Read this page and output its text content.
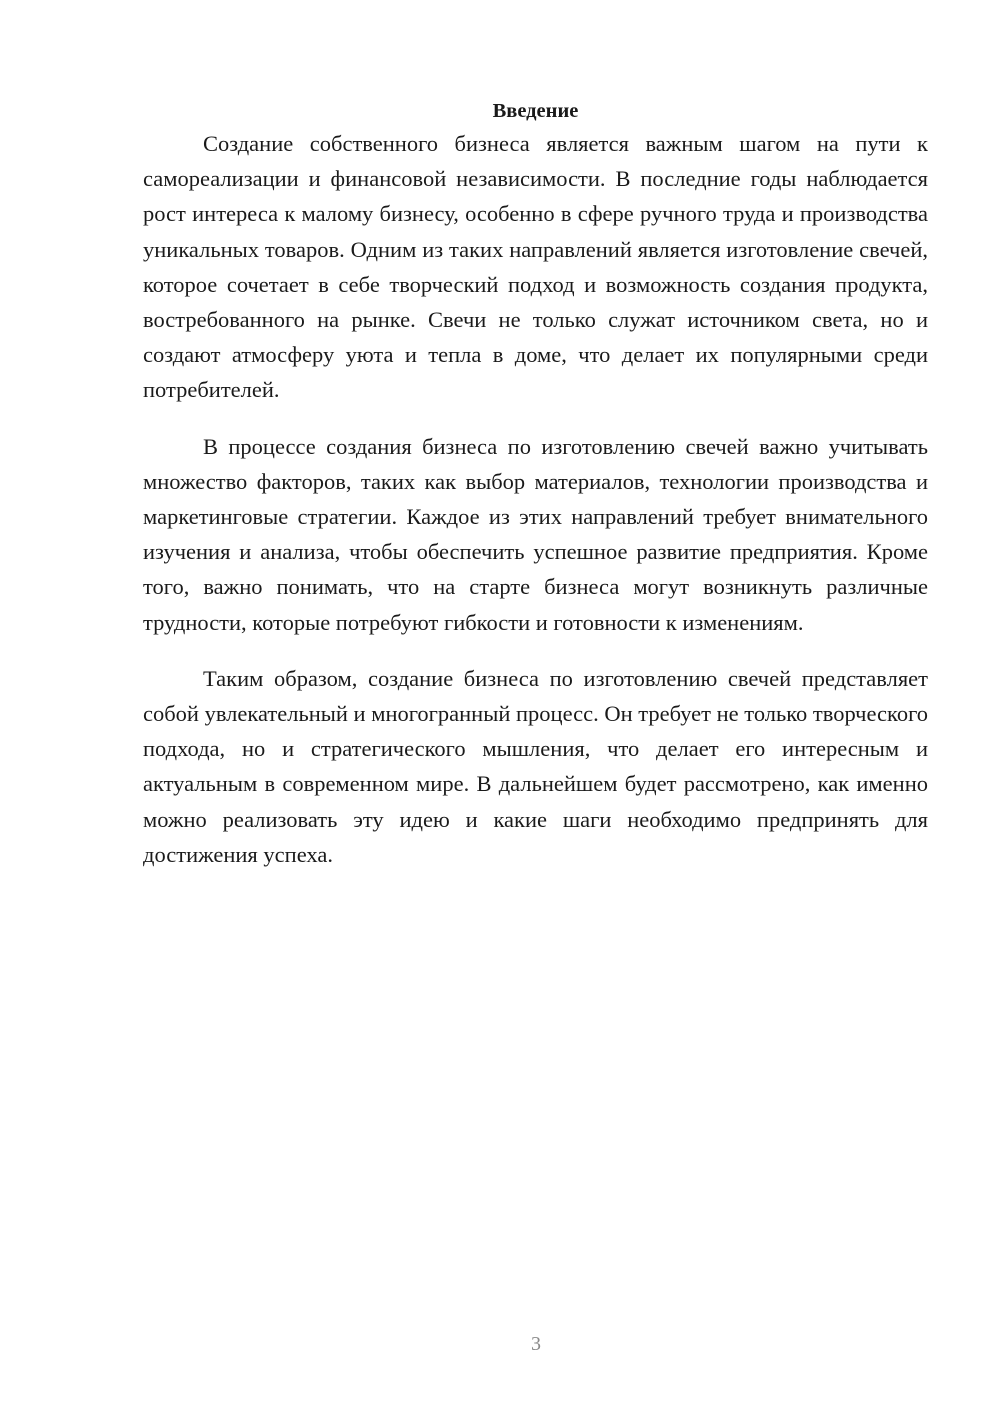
Введение

Создание собственного бизнеса является важным шагом на пути к самореализации и финансовой независимости. В последние годы наблюдается рост интереса к малому бизнесу, особенно в сфере ручного труда и производства уникальных товаров. Одним из таких направлений является изготовление свечей, которое сочетает в себе творческий подход и возможность создания продукта, востребованного на рынке. Свечи не только служат источником света, но и создают атмосферу уюта и тепла в доме, что делает их популярными среди потребителей.

В процессе создания бизнеса по изготовлению свечей важно учитывать множество факторов, таких как выбор материалов, технологии производства и маркетинговые стратегии. Каждое из этих направлений требует внимательного изучения и анализа, чтобы обеспечить успешное развитие предприятия. Кроме того, важно понимать, что на старте бизнеса могут возникнуть различные трудности, которые потребуют гибкости и готовности к изменениям.

Таким образом, создание бизнеса по изготовлению свечей представляет собой увлекательный и многогранный процесс. Он требует не только творческого подхода, но и стратегического мышления, что делает его интересным и актуальным в современном мире. В дальнейшем будет рассмотрено, как именно можно реализовать эту идею и какие шаги необходимо предпринять для достижения успеха.

3
